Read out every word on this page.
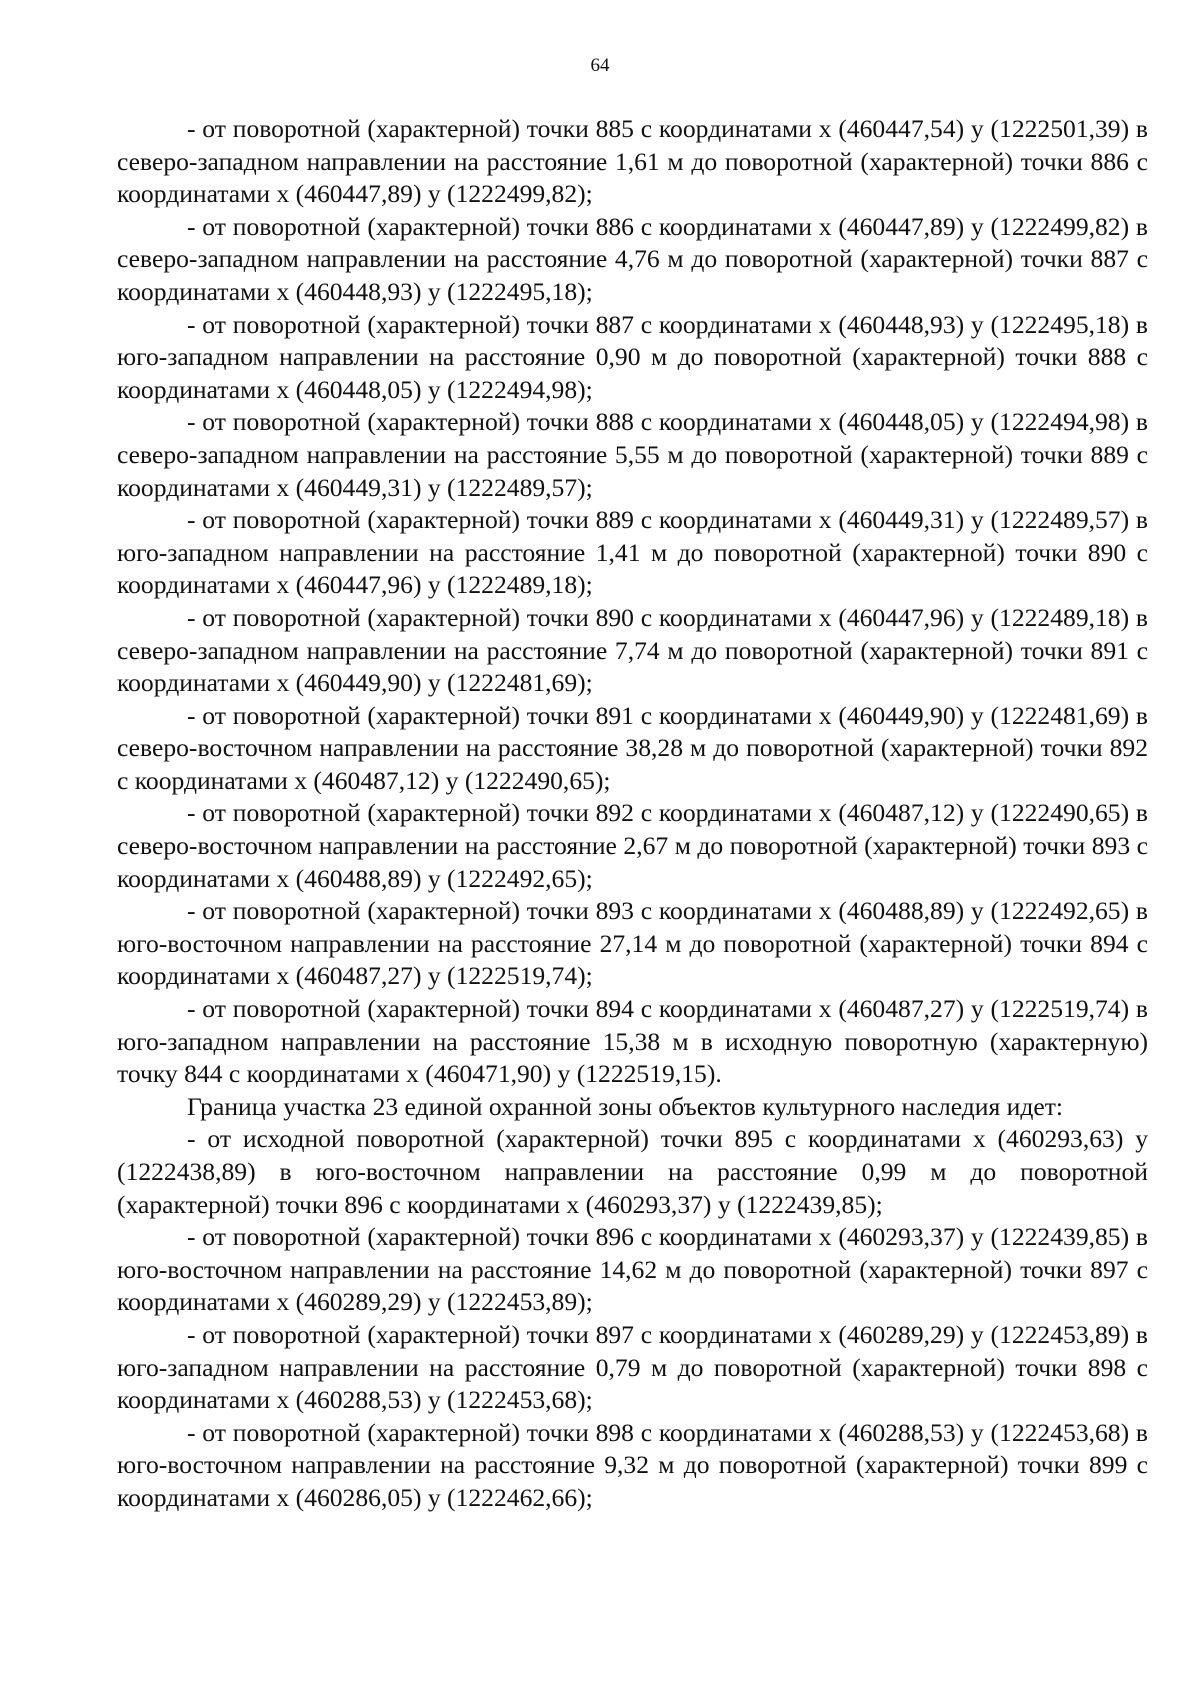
64

- от поворотной (характерной) точки 885 с координатами х (460447,54) у (1222501,39) в северо-западном направлении на расстояние 1,61 м до поворотной (характерной) точки 886 с координатами х (460447,89) у (1222499,82);

- от поворотной (характерной) точки 886 с координатами х (460447,89) у (1222499,82) в северо-западном направлении на расстояние 4,76 м до поворотной (характерной) точки 887 с координатами х (460448,93) у (1222495,18);

- от поворотной (характерной) точки 887 с координатами х (460448,93) у (1222495,18) в юго-западном направлении на расстояние 0,90 м до поворотной (характерной) точки 888 с координатами х (460448,05) у (1222494,98);

- от поворотной (характерной) точки 888 с координатами х (460448,05) у (1222494,98) в северо-западном направлении на расстояние 5,55 м до поворотной (характерной) точки 889 с координатами х (460449,31) у (1222489,57);

- от поворотной (характерной) точки 889 с координатами х (460449,31) у (1222489,57) в юго-западном направлении на расстояние 1,41 м до поворотной (характерной) точки 890 с координатами х (460447,96) у (1222489,18);

- от поворотной (характерной) точки 890 с координатами х (460447,96) у (1222489,18) в северо-западном направлении на расстояние 7,74 м до поворотной (характерной) точки 891 с координатами х (460449,90) у (1222481,69);

- от поворотной (характерной) точки 891 с координатами х (460449,90) у (1222481,69) в северо-восточном направлении на расстояние 38,28 м до поворотной (характерной) точки 892 с координатами х (460487,12) у (1222490,65);

- от поворотной (характерной) точки 892 с координатами х (460487,12) у (1222490,65) в северо-восточном направлении на расстояние 2,67 м до поворотной (характерной) точки 893 с координатами х (460488,89) у (1222492,65);

- от поворотной (характерной) точки 893 с координатами х (460488,89) у (1222492,65) в юго-восточном направлении на расстояние 27,14 м до поворотной (характерной) точки 894 с координатами х (460487,27) у (1222519,74);

- от поворотной (характерной) точки 894 с координатами х (460487,27) у (1222519,74) в юго-западном направлении на расстояние 15,38 м в исходную поворотную (характерную) точку 844 с координатами х (460471,90) у (1222519,15).

Граница участка 23 единой охранной зоны объектов культурного наследия идет:

- от исходной поворотной (характерной) точки 895 с координатами х (460293,63) у (1222438,89) в юго-восточном направлении на расстояние 0,99 м до поворотной (характерной) точки 896 с координатами х (460293,37) у (1222439,85);

- от поворотной (характерной) точки 896 с координатами х (460293,37) у (1222439,85) в юго-восточном направлении на расстояние 14,62 м до поворотной (характерной) точки 897 с координатами х (460289,29) у (1222453,89);

- от поворотной (характерной) точки 897 с координатами х (460289,29) у (1222453,89) в юго-западном направлении на расстояние 0,79 м до поворотной (характерной) точки 898 с координатами х (460288,53) у (1222453,68);

- от поворотной (характерной) точки 898 с координатами х (460288,53) у (1222453,68) в юго-восточном направлении на расстояние 9,32 м до поворотной (характерной) точки 899 с координатами х (460286,05) у (1222462,66);
